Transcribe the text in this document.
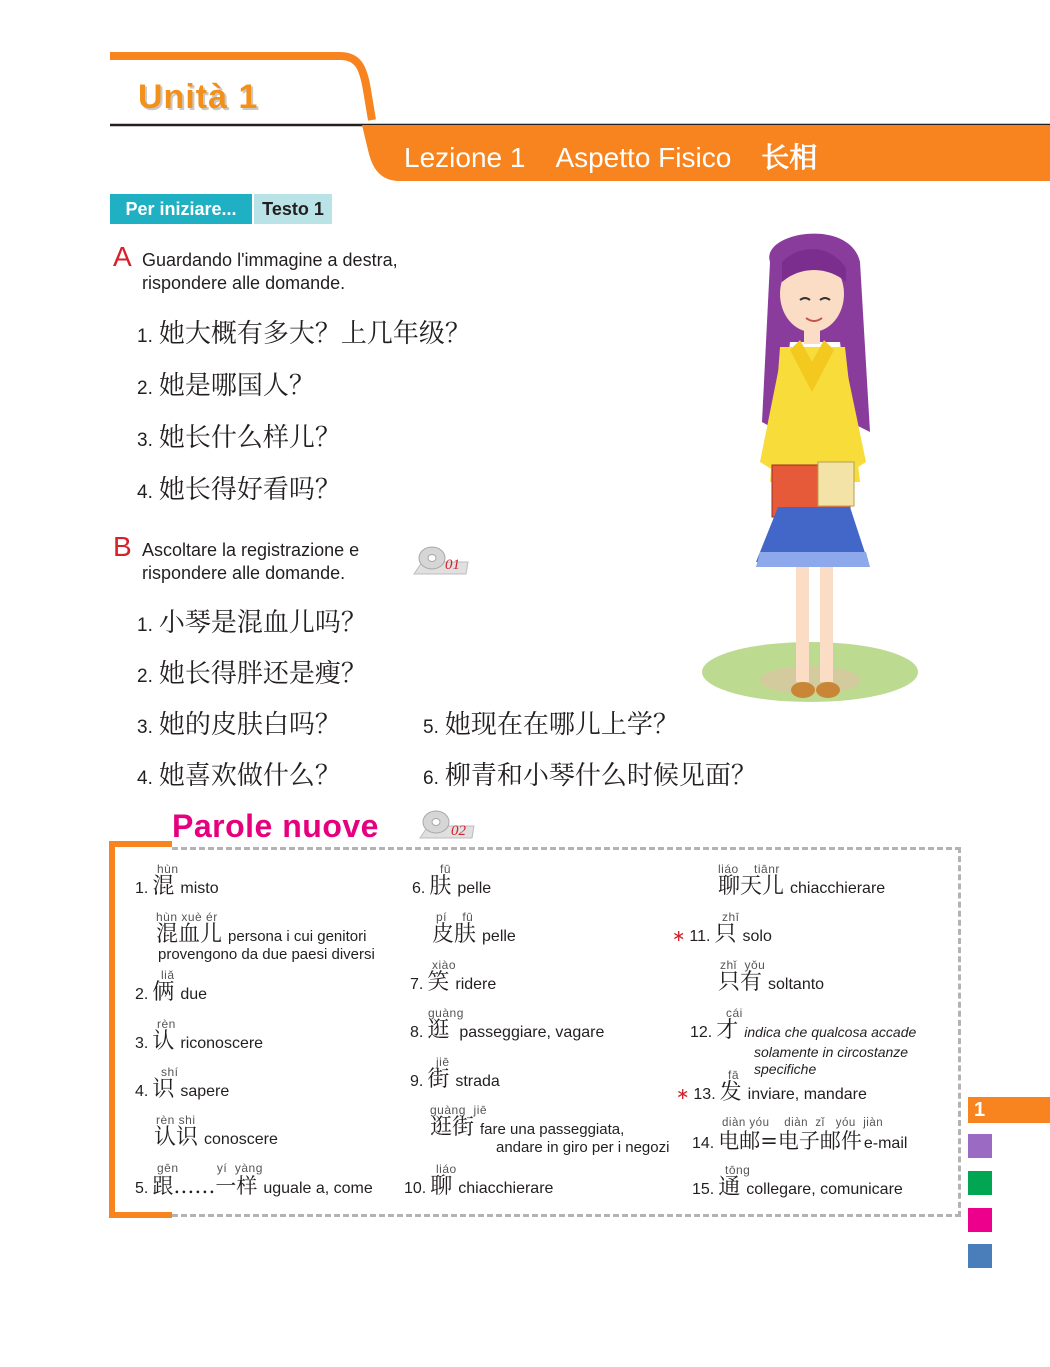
Unità 1
Lezione 1 Aspetto Fisico 长相
Per iniziare...	Testo 1
A Guardando l'immagine a destra,
rispondere alle domande.
1. 她大概有多大？上几年级？
2. 她是哪国人？
3. 她长什么样儿？
4. 她长得好看吗？
B Ascoltare la registrazione e
rispondere alle domande.	01
1. 小琴是混血儿吗？
2. 她长得胖还是瘦？
3. 她的皮肤白吗？
4. 她喜欢做什么？
5. 她现在在哪儿上学？
6. 柳青和小琴什么时候见面？
Parole nuove	02
hùn
1. 混 misto
hùn xuè ér
混血儿 persona i cui genitori
provengono da due paesi diversi
liǎ
2. 俩 due
rèn
3. 认 riconoscere
shí
4. 识 sapere
rèn shi
认识 conoscere
gēn          yí  yàng
5. 跟……一样 uguale a, come
fū
6. 肤 pelle
pí    fū
皮肤 pelle
xiào
7. 笑 ridere
guàng
8. 逛 passeggiare, vagare
jiē
9. 街 strada
guàng  jiē
逛街 fare una passeggiata,
andare in giro per i negozi
liáo
10. 聊 chiacchierare
liáo    tiānr
聊天儿 chiacchierare
zhī
∗ 11. 只 solo
zhǐ  yǒu
只有 soltanto
cái
12. 才 indica che qualcosa accade
solamente in circostanze
specifiche
fā
∗ 13. 发 inviare, mandare
diàn yóu    diàn  zǐ   yóu  jiàn
14. 电邮=电子邮件 e-mail
tōng
15. 通 collegare, comunicare
1
